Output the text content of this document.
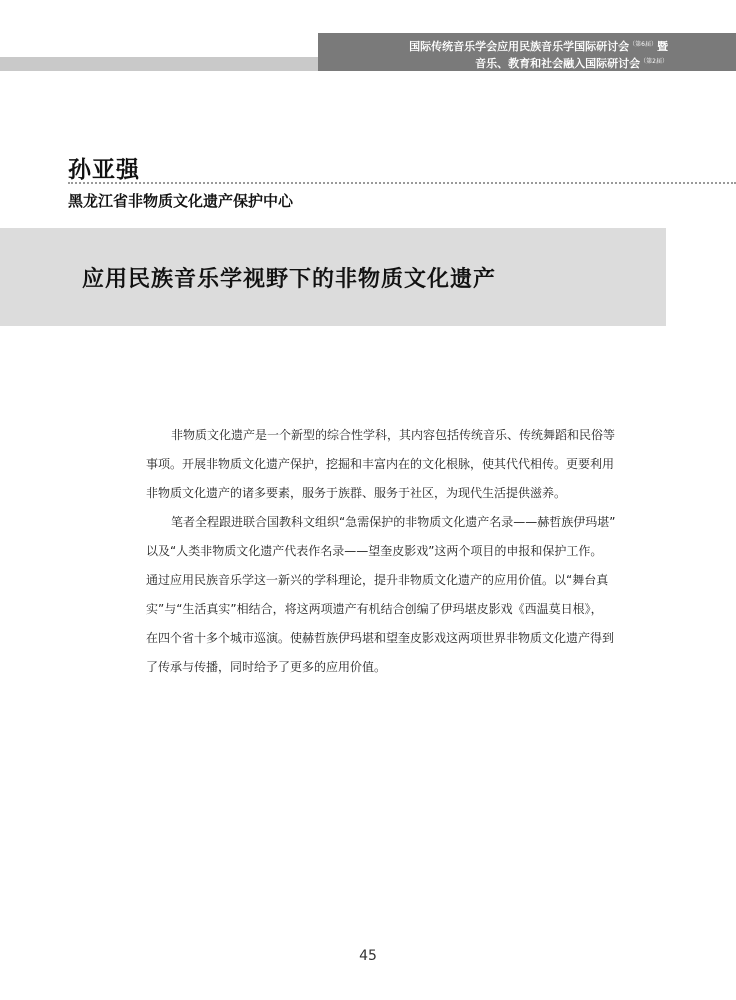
国际传统音乐学会应用民族音乐学国际研讨会$^{(第6届)}$暨
音乐、教育和社会融入国际研讨会$^{(第2届)}$
孙亚强

黑龙江省非物质文化遗产保护中心

应用民族音乐学视野下的非物质文化遗产
非物质文化遗产是一个新型的综合性学科，其内容包括传统音乐、传统舞蹈和民俗等
事项。开展非物质文化遗产保护，挖掘和丰富内在的文化根脉，使其代代相传。更要利用
非物质文化遗产的诸多要素，服务于族群、服务于社区，为现代生活提供滋养。
笔者全程跟进联合国教科文组织“急需保护的非物质文化遗产名录——赫哲族伊玛堪”
以及“人类非物质文化遗产代表作名录——望奎皮影戏”这两个项目的申报和保护工作。
通过应用民族音乐学这一新兴的学科理论，提升非物质文化遗产的应用价值。以“舞台真
实”与“生活真实”相结合，将这两项遗产有机结合创编了伊玛堪皮影戏《西温莫日根》，
在四个省十多个城市巡演。使赫哲族伊玛堪和望奎皮影戏这两项世界非物质文化遗产得到
了传承与传播，同时给予了更多的应用价值。
45
